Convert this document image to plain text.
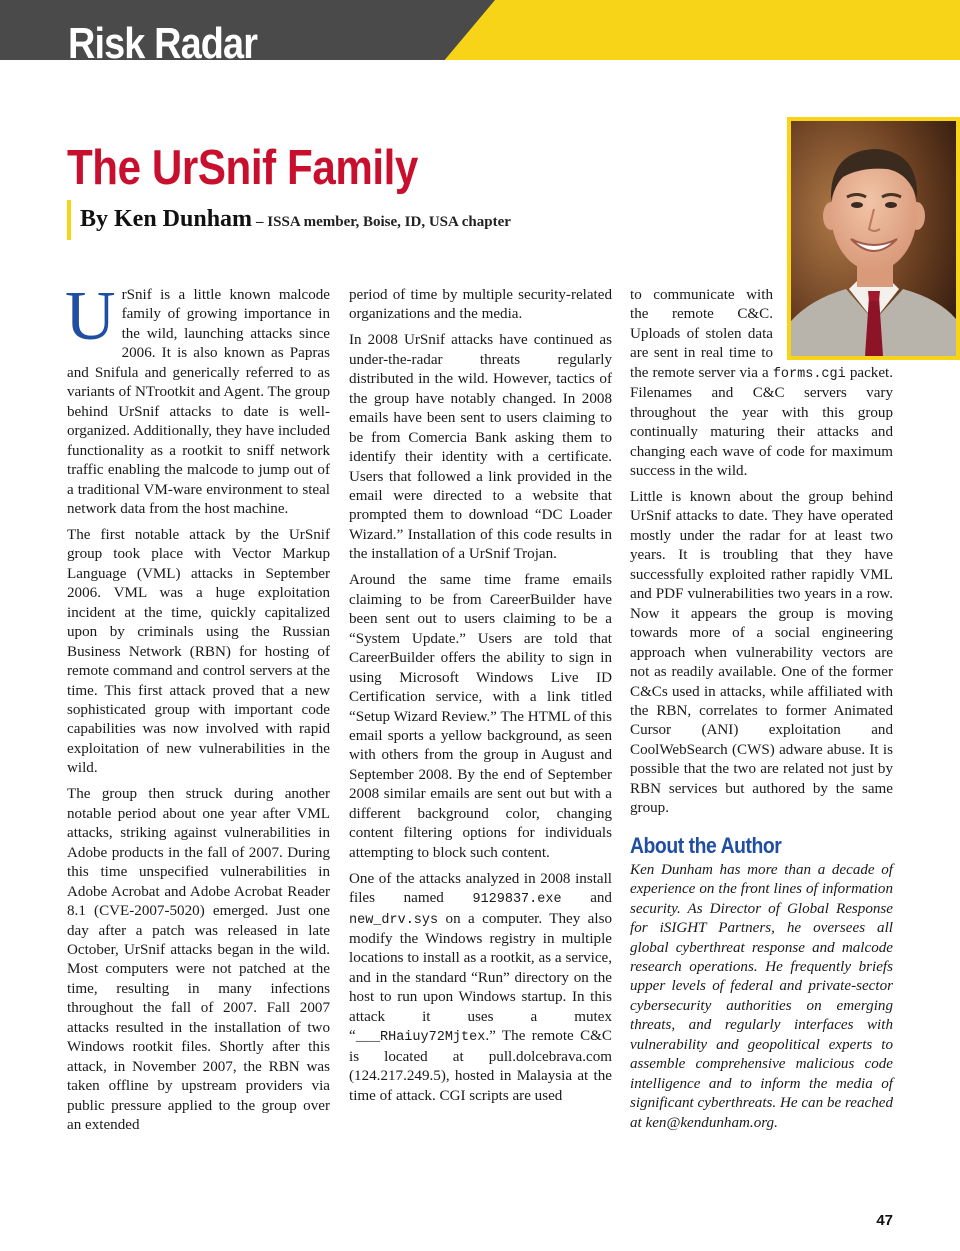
Risk Radar
The UrSnif Family
By Ken Dunham – ISSA member, Boise, ID, USA chapter

UrSnif is a little known malcode family of growing importance in the wild, launching attacks since 2006. It is also known as Papras and Snifula and generically referred to as variants of NTrootkit and Agent. The group behind UrSnif attacks to date is well-organized. Additionally, they have included functionality as a rootkit to sniff network traffic enabling the malcode to jump out of a traditional VM-ware environment to steal network data from the host machine.

The first notable attack by the UrSnif group took place with Vector Markup Language (VML) attacks in September 2006. VML was a huge exploitation incident at the time, quickly capitalized upon by criminals using the Russian Business Network (RBN) for hosting of remote command and control servers at the time. This first attack proved that a new sophisticated group with important code capabilities was now involved with rapid exploitation of new vulnerabilities in the wild.

The group then struck during another notable period about one year after VML attacks, striking against vulnerabilities in Adobe products in the fall of 2007. During this time unspecified vulnerabilities in Adobe Acrobat and Adobe Acrobat Reader 8.1 (CVE-2007-5020) emerged. Just one day after a patch was released in late October, UrSnif attacks began in the wild. Most computers were not patched at the time, resulting in many infections throughout the fall of 2007. Fall 2007 attacks resulted in the installation of two Windows rootkit files. Shortly after this attack, in November 2007, the RBN was taken offline by upstream providers via public pressure applied to the group over an extended

period of time by multiple security-related organizations and the media.

In 2008 UrSnif attacks have continued as under-the-radar threats regularly distributed in the wild. However, tactics of the group have notably changed. In 2008 emails have been sent to users claiming to be from Comercia Bank asking them to identify their identity with a certificate. Users that followed a link provided in the email were directed to a website that prompted them to download “DC Loader Wizard.” Installation of this code results in the installation of a UrSnif Trojan.

Around the same time frame emails claiming to be from CareerBuilder have been sent out to users claiming to be a “System Update.” Users are told that CareerBuilder offers the ability to sign in using Microsoft Windows Live ID Certification service, with a link titled “Setup Wizard Review.” The HTML of this email sports a yellow background, as seen with others from the group in August and September 2008. By the end of September 2008 similar emails are sent out but with a different background color, changing content filtering options for individuals attempting to block such content.

One of the attacks analyzed in 2008 install files named 9129837.exe and new_drv.sys on a computer. They also modify the Windows registry in multiple locations to install as a rootkit, as a service, and in the standard “Run” directory on the host to run upon Windows startup. In this attack it uses a mutex “___RHaiuy72Mjtex.” The remote C&C is located at pull.dolcebrava.com (124.217.249.5), hosted in Malaysia at the time of attack. CGI scripts are used

to communicate with the remote C&C. Uploads of stolen data are sent in real time to the remote server via a forms.cgi packet. Filenames and C&C servers vary throughout the year with this group continually maturing their attacks and changing each wave of code for maximum success in the wild.

Little is known about the group behind UrSnif attacks to date. They have operated mostly under the radar for at least two years. It is troubling that they have successfully exploited rather rapidly VML and PDF vulnerabilities two years in a row. Now it appears the group is moving towards more of a social engineering approach when vulnerability vectors are not as readily available. One of the former C&Cs used in attacks, while affiliated with the RBN, correlates to former Animated Cursor (ANI) exploitation and CoolWebSearch (CWS) adware abuse. It is possible that the two are related not just by RBN services but authored by the same group.

About the Author

Ken Dunham has more than a decade of experience on the front lines of information security. As Director of Global Response for iSIGHT Partners, he oversees all global cyberthreat response and malcode research operations. He frequently briefs upper levels of federal and private-sector cybersecurity authorities on emerging threats, and regularly interfaces with vulnerability and geopolitical experts to assemble comprehensive malicious code intelligence and to inform the media of significant cyberthreats. He can be reached at ken@kendunham.org.

47
